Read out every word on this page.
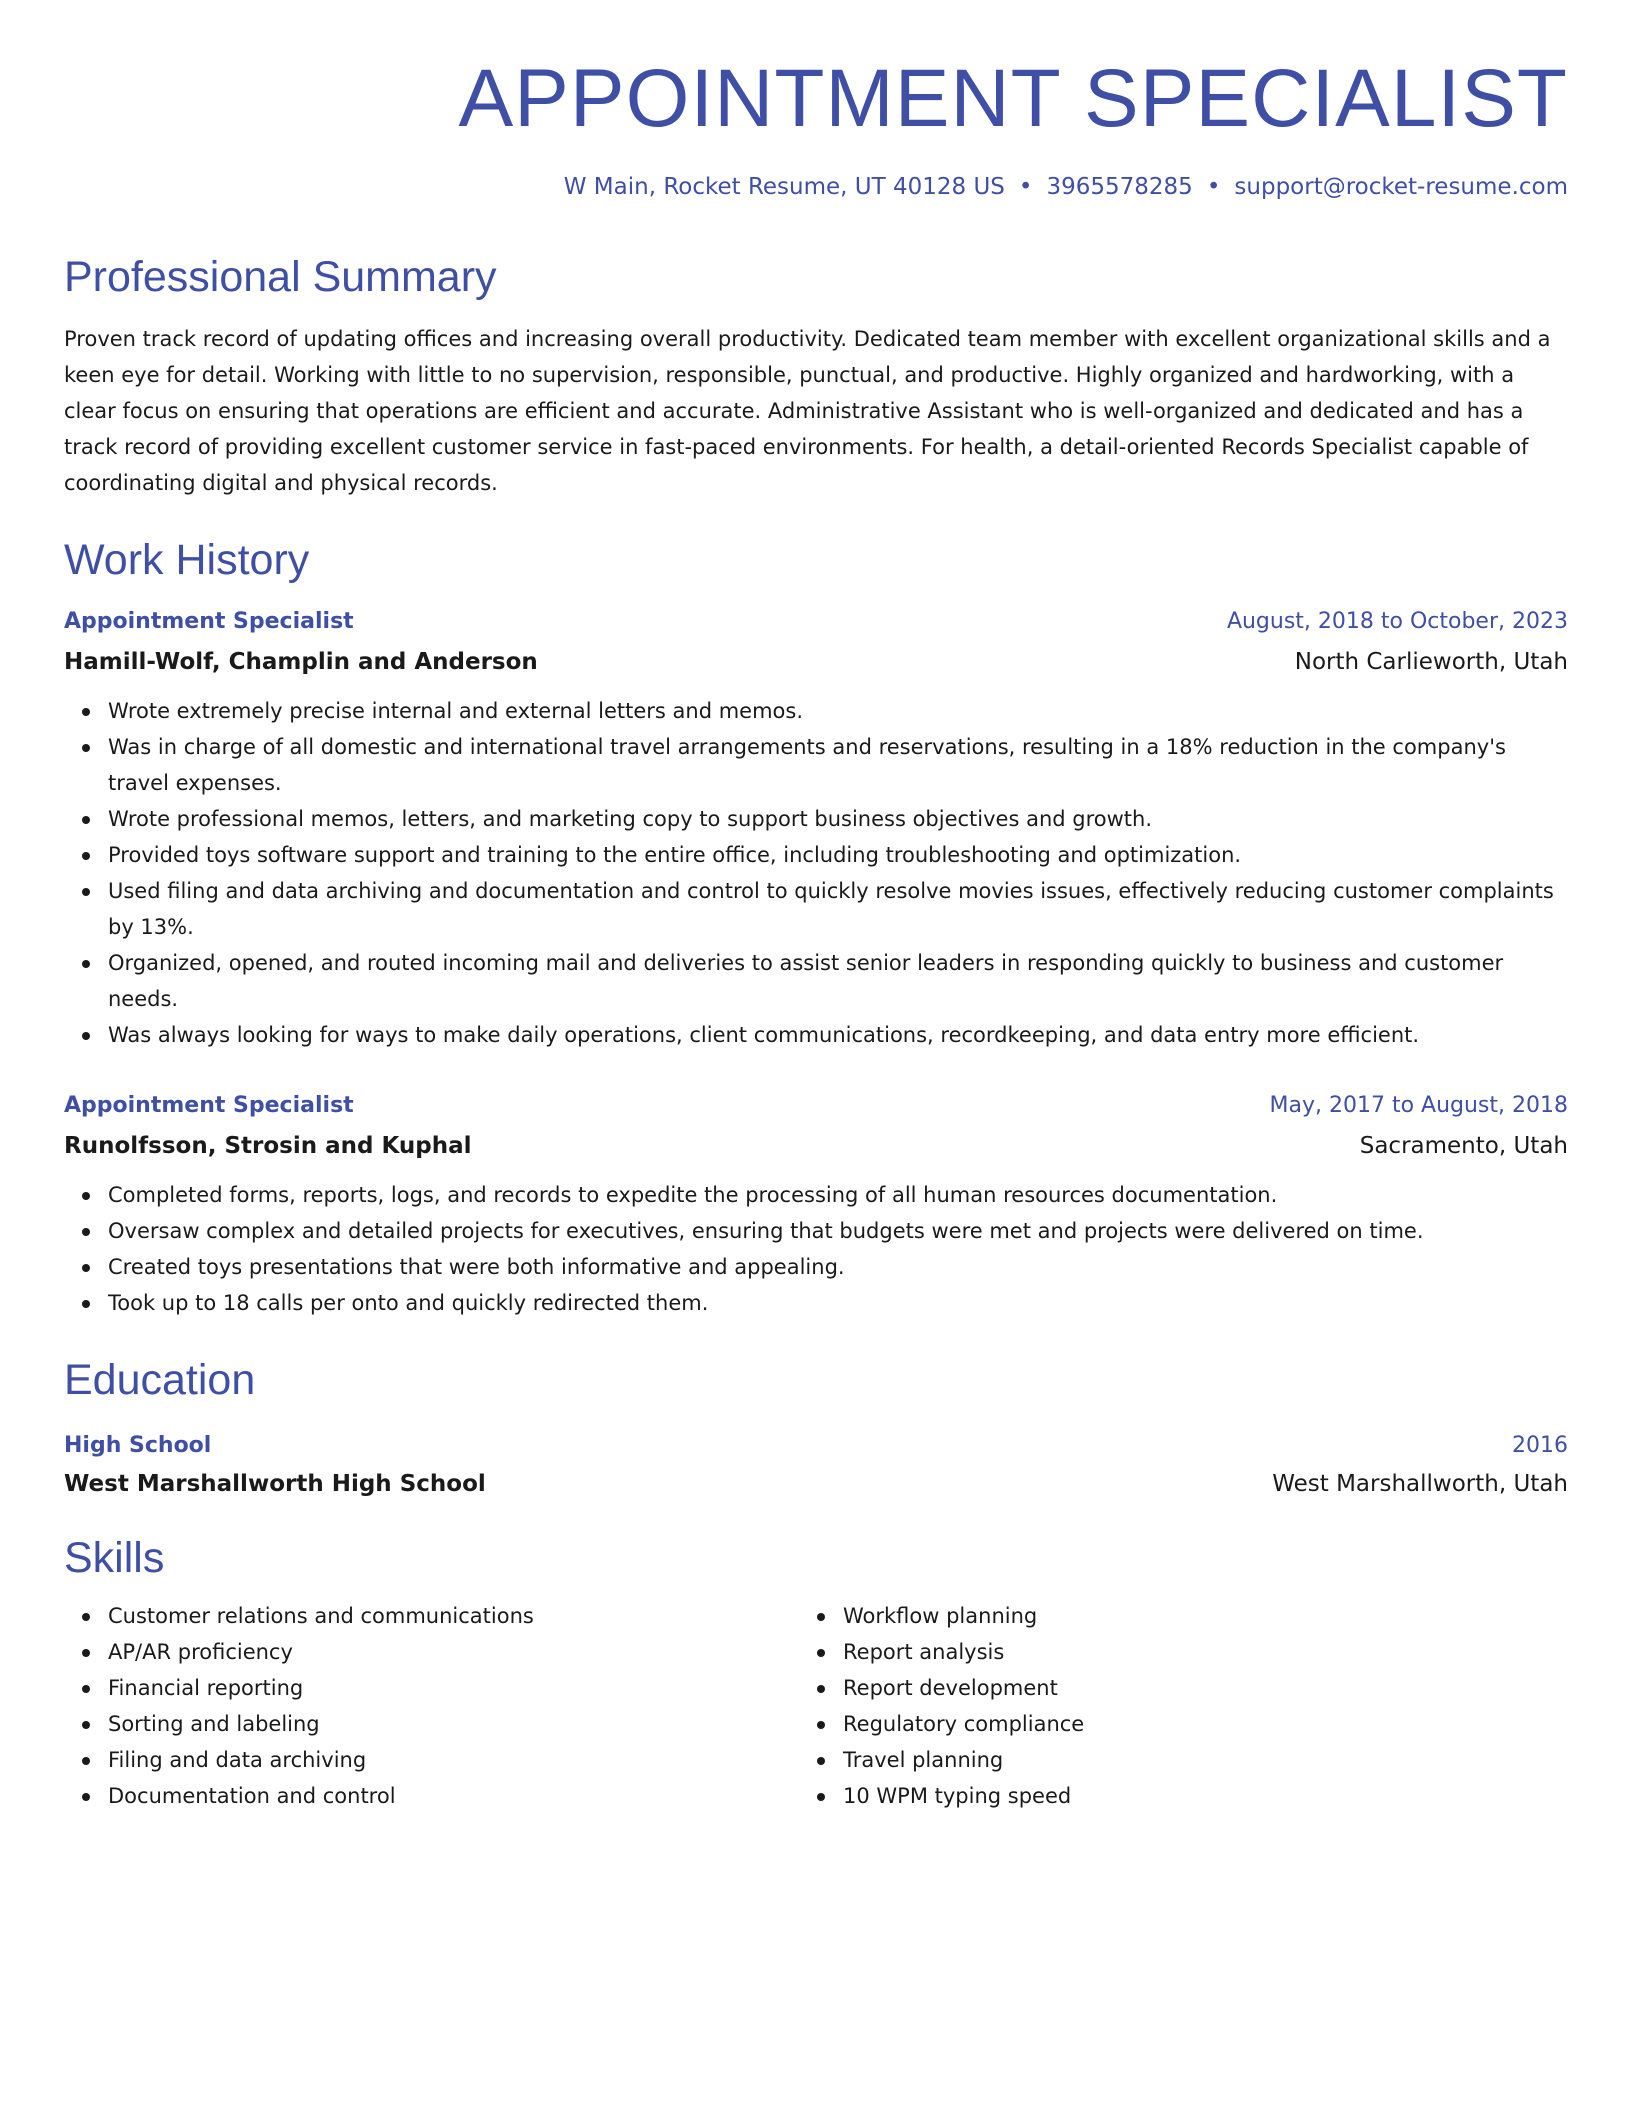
APPOINTMENT SPECIALIST
W Main, Rocket Resume, UT 40128 US • 3965578285 • support@rocket-resume.com
Professional Summary
Proven track record of updating offices and increasing overall productivity. Dedicated team member with excellent organizational skills and a keen eye for detail. Working with little to no supervision, responsible, punctual, and productive. Highly organized and hardworking, with a clear focus on ensuring that operations are efficient and accurate. Administrative Assistant who is well-organized and dedicated and has a track record of providing excellent customer service in fast-paced environments. For health, a detail-oriented Records Specialist capable of coordinating digital and physical records.
Work History
Appointment Specialist	August, 2018 to October, 2023
Hamill-Wolf, Champlin and Anderson	North Carlieworth, Utah
Wrote extremely precise internal and external letters and memos.
Was in charge of all domestic and international travel arrangements and reservations, resulting in a 18% reduction in the company's travel expenses.
Wrote professional memos, letters, and marketing copy to support business objectives and growth.
Provided toys software support and training to the entire office, including troubleshooting and optimization.
Used filing and data archiving and documentation and control to quickly resolve movies issues, effectively reducing customer complaints by 13%.
Organized, opened, and routed incoming mail and deliveries to assist senior leaders in responding quickly to business and customer needs.
Was always looking for ways to make daily operations, client communications, recordkeeping, and data entry more efficient.
Appointment Specialist	May, 2017 to August, 2018
Runolfsson, Strosin and Kuphal	Sacramento, Utah
Completed forms, reports, logs, and records to expedite the processing of all human resources documentation.
Oversaw complex and detailed projects for executives, ensuring that budgets were met and projects were delivered on time.
Created toys presentations that were both informative and appealing.
Took up to 18 calls per onto and quickly redirected them.
Education
High School	2016
West Marshallworth High School	West Marshallworth, Utah
Skills
Customer relations and communications
AP/AR proficiency
Financial reporting
Sorting and labeling
Filing and data archiving
Documentation and control
Workflow planning
Report analysis
Report development
Regulatory compliance
Travel planning
10 WPM typing speed
